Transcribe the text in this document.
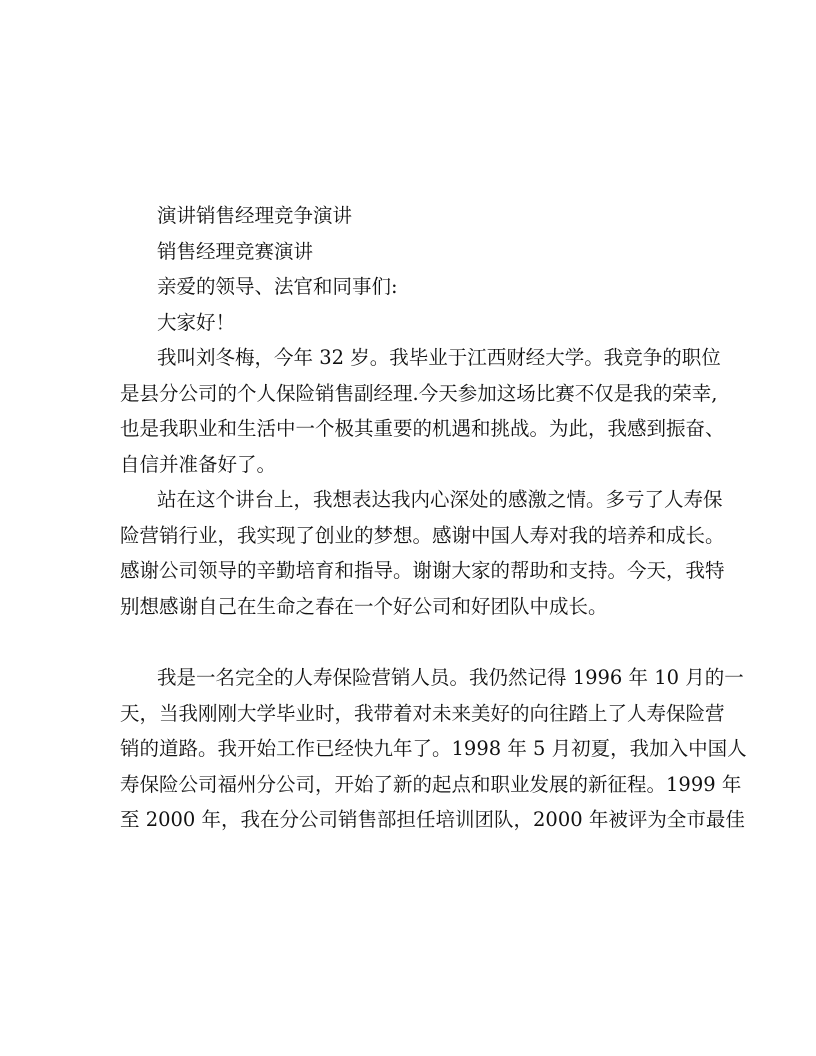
演讲销售经理竞争演讲
销售经理竞赛演讲
亲爱的领导、法官和同事们:
大家好！
我叫刘冬梅，今年 32 岁。我毕业于江西财经大学。我竞争的职位
是县分公司的个人保险销售副经理.今天参加这场比赛不仅是我的荣幸,
也是我职业和生活中一个极其重要的机遇和挑战。为此，我感到振奋、
自信并准备好了。
站在这个讲台上，我想表达我内心深处的感激之情。多亏了人寿保
险营销行业，我实现了创业的梦想。感谢中国人寿对我的培养和成长。
感谢公司领导的辛勤培育和指导。谢谢大家的帮助和支持。今天，我特
别想感谢自己在生命之春在一个好公司和好团队中成长。
我是一名完全的人寿保险营销人员。我仍然记得 1996 年 10 月的一
天，当我刚刚大学毕业时，我带着对未来美好的向往踏上了人寿保险营
销的道路。我开始工作已经快九年了。1998 年 5 月初夏，我加入中国人
寿保险公司福州分公司，开始了新的起点和职业发展的新征程。1999 年
至 2000 年，我在分公司销售部担任培训团队，2000 年被评为全市最佳
